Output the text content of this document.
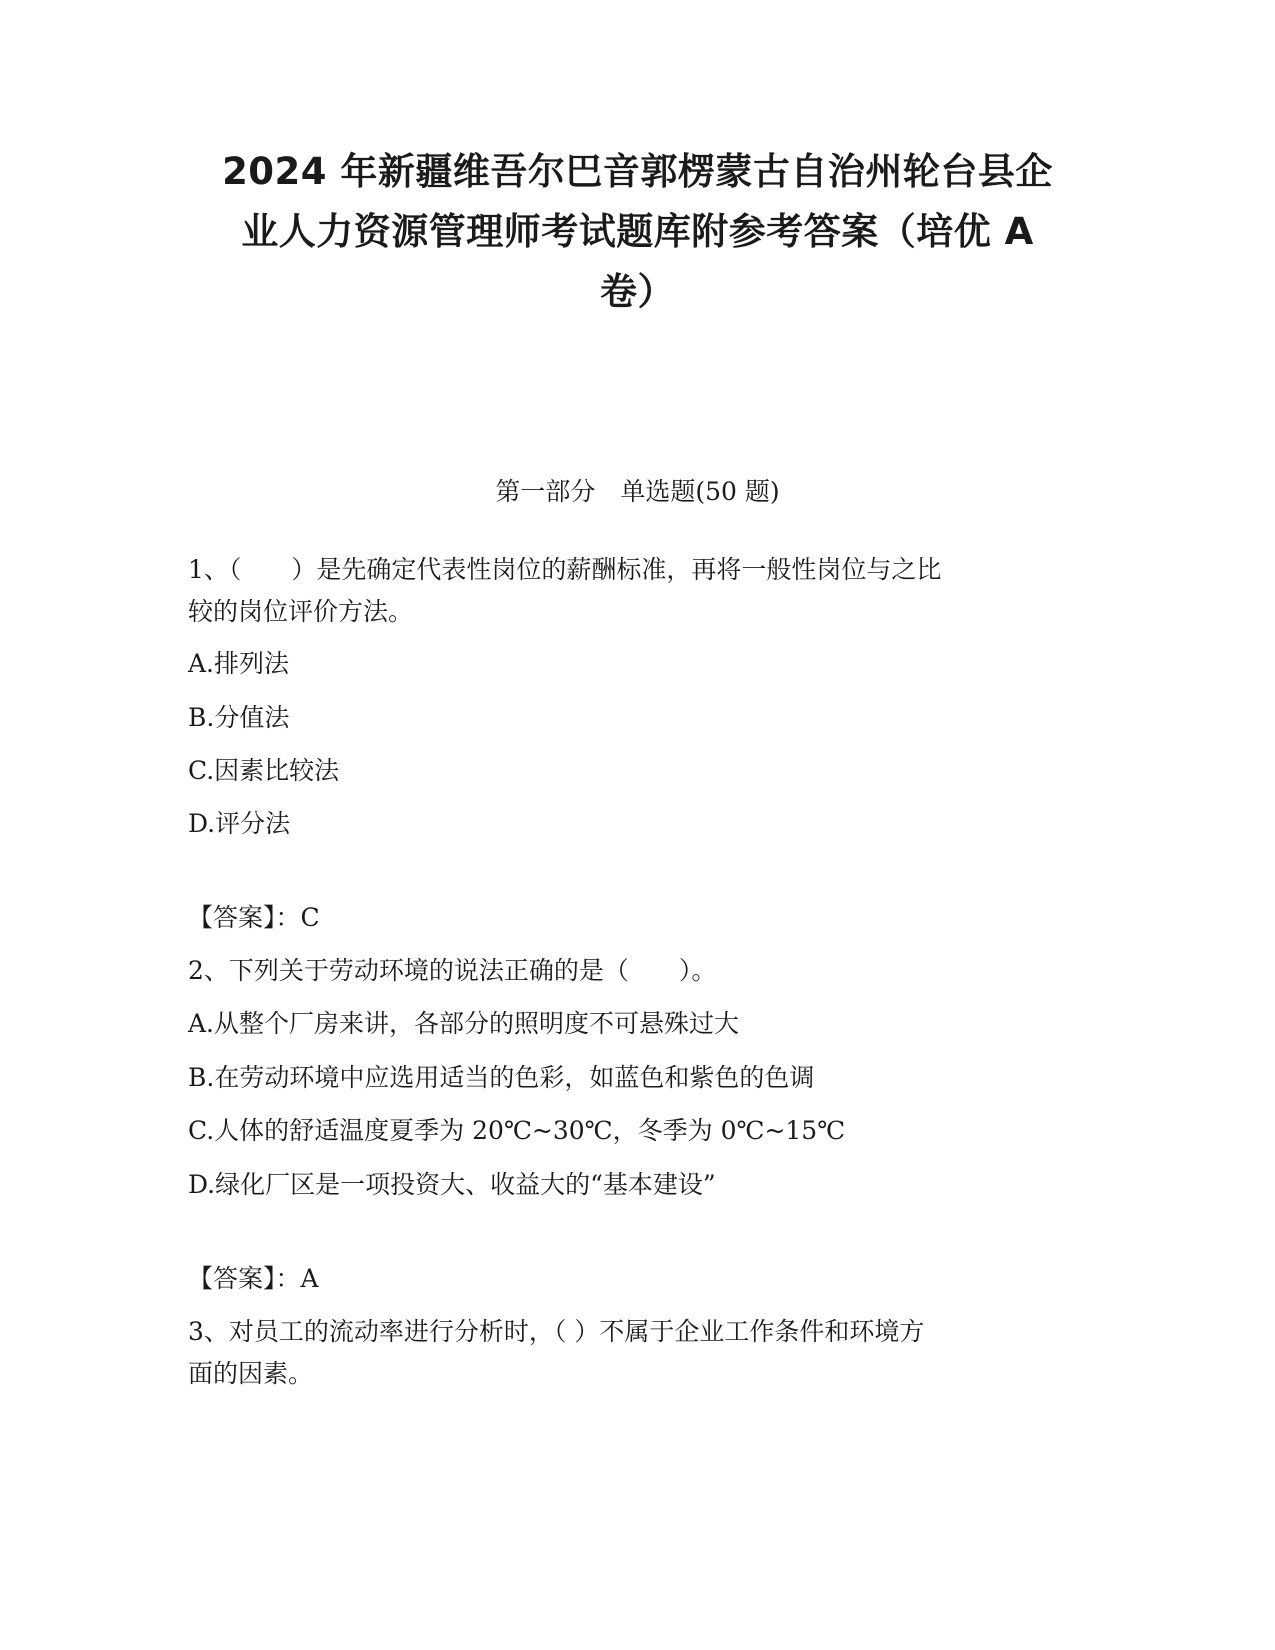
2024 年新疆维吾尔巴音郭楞蒙古自治州轮台县企
业人力资源管理师考试题库附参考答案（培优 A
卷）
第一部分　单选题(50 题)
1、（　　）是先确定代表性岗位的薪酬标准，再将一般性岗位与之比
较的岗位评价方法。
A.排列法
B.分值法
C.因素比较法
D.评分法
【答案】：C
2、下列关于劳动环境的说法正确的是（　　）。
A.从整个厂房来讲，各部分的照明度不可悬殊过大
B.在劳动环境中应选用适当的色彩，如蓝色和紫色的色调
C.人体的舒适温度夏季为 20℃~30℃，冬季为 0℃~15℃
D.绿化厂区是一项投资大、收益大的“基本建设”
【答案】：A
3、对员工的流动率进行分析时，（ ）不属于企业工作条件和环境方
面的因素。
